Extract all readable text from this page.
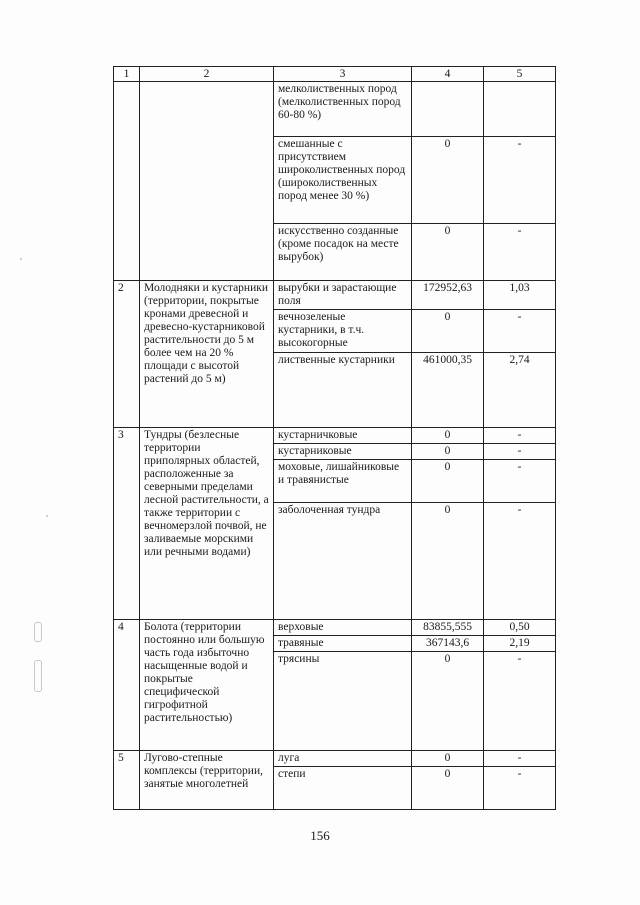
1	2	3	4	5
		мелколиственных пород (мелколиственных пород 60-80 %)		
		смешанные с присутствием широколиственных пород (широколиственных пород менее 30 %)	0	-
		искусственно созданные (кроме посадок на месте вырубок)	0	-
2	Молодняки и кустарники (территории, покрытые кронами древесной и древесно-кустарниковой растительности до 5 м более чем на 20 % площади с высотой растений до 5 м)	вырубки и зарастающие поля	172952,63	1,03
		вечнозеленые кустарники, в т.ч. высокогорные	0	-
		лиственные кустарники	461000,35	2,74
3	Тундры (безлесные территории приполярных областей, расположенные за северными пределами лесной растительности, а также территории с вечномерзлой почвой, не заливаемые морскими или речными водами)	кустарничковые	0	-
		кустарниковые	0	-
		моховые, лишайниковые и травянистые	0	-
		заболоченная тундра	0	-
4	Болота (территории постоянно или большую часть года избыточно насыщенные водой и покрытые специфической гигрофитной растительностью)	верховые	83855,555	0,50
		травяные	367143,6	2,19
		трясины	0	-
5	Лугово-степные комплексы (территории, занятые многолетней	луга	0	-
		степи	0	-
156
